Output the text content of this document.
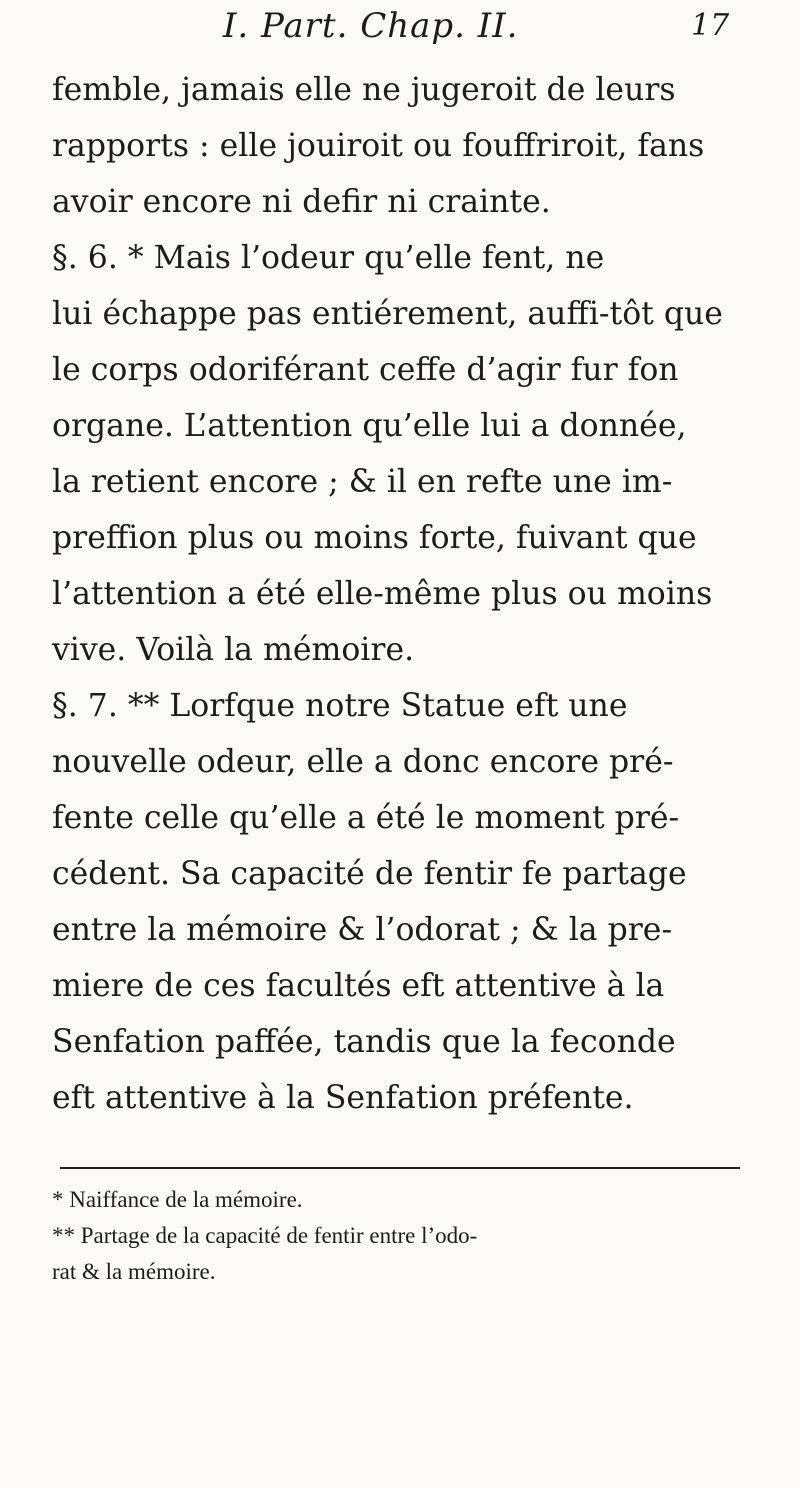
I. Part. Chap. II.	17
femble, jamais elle ne jugeroit de leurs
rapports : elle jouiroit ou fouffriroit, fans
avoir encore ni defir ni crainte.
§. 6. * Mais l’odeur qu’elle fent, ne
lui échappe pas entiérement, auffi-tôt que
le corps odoriférant ceffe d’agir fur fon
organe. L’attention qu’elle lui a donnée,
la retient encore ; & il en refte une im-
preffion plus ou moins forte, fuivant que
l’attention a été elle-même plus ou moins
vive. Voilà la mémoire.
§. 7. ** Lorfque notre Statue eft une
nouvelle odeur, elle a donc encore pré-
fente celle qu’elle a été le moment pré-
cédent. Sa capacité de fentir fe partage
entre la mémoire & l’odorat ; & la pre-
miere de ces facultés eft attentive à la
Senfation paffée, tandis que la feconde
eft attentive à la Senfation préfente.
* Naiffance de la mémoire.
** Partage de la capacité de fentir entre l’odo-
rat & la mémoire.
